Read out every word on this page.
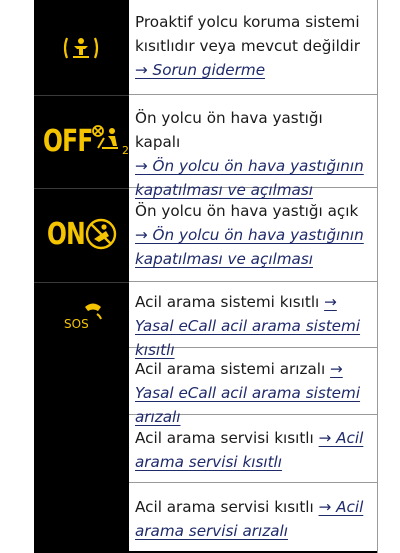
Proaktif yolcu koruma sistemi kısıtlıdır veya mevcut değildir
→ Sorun giderme
OFF	2
Ön yolcu ön hava yastığı kapalı
→ Ön yolcu ön hava yastığının kapatılması ve açılması
ON
Ön yolcu ön hava yastığı açık
→ Ön yolcu ön hava yastığının kapatılması ve açılması
SOS
Acil arama sistemi kısıtlı → Yasal eCall acil arama sistemi kısıtlı
Acil arama sistemi arızalı → Yasal eCall acil arama sistemi arızalı
Acil arama servisi kısıtlı → Acil arama servisi kısıtlı
Acil arama servisi kısıtlı → Acil arama servisi arızalı
